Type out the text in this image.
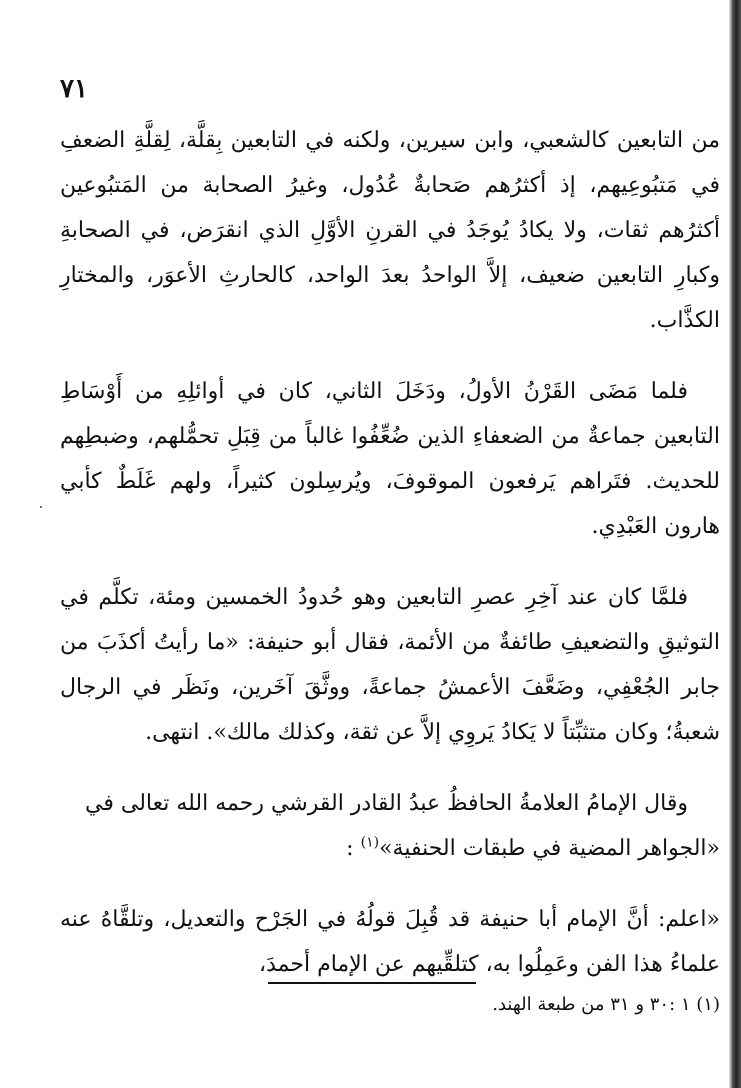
٧١

من التابعين كالشعبي، وابن سيرين، ولكنه في التابعين بِقلَّة، لِقلَّةِ الضعفِ في مَتبُوعِيهم، إذ أكثرُهم صَحابةٌ عُدُول، وغيرُ الصحابة من المَتبُوعين أكثرُهم ثقات، ولا يكادُ يُوجَدُ في القرنِ الأوَّلِ الذي انقرَض، في الصحابةِ وكبارِ التابعين ضعيف، إلاَّ الواحدُ بعدَ الواحد، كالحارثِ الأعوَر، والمختارِ الكذَّاب.

فلما مَضَى القَرْنُ الأولُ، ودَخَلَ الثاني، كان في أوائلِهِ من أَوْسَاطِ التابعين جماعةٌ من الضعفاءِ الذين ضُعِّفُوا غالباً من قِبَلِ تحمُّلهم، وضبطِهم للحديث. فتَراهم يَرفعون الموقوفَ، ويُرسِلون كثيراً، ولهم غَلَطٌ كأبي هارون العَبْدِي.

فلمَّا كان عند آخِرِ عصرِ التابعين وهو حُدودُ الخمسين ومئة، تكلَّم في التوثيقِ والتضعيفِ طائفةٌ من الأئمة، فقال أبو حنيفة: «ما رأيتُ أكذَبَ من جابر الجُعْفِي، وضَعَّفَ الأعمشُ جماعةً، ووثَّقَ آخَرين، ونَظَر في الرجال شعبةُ؛ وكان متثبِّتاً لا يَكادُ يَروِي إلاَّ عن ثقة، وكذلك مالك». انتهى.

وقال الإمامُ العلامةُ الحافظُ عبدُ القادر القرشي رحمه الله تعالى في

«الجواهر المضية في طبقات الحنفية»$^{(١)}$ :

«اعلم: أنَّ الإمام أبا حنيفة قد قُبِلَ قولُهُ في الجَرْح والتعديل، وتلقَّاهُ عنه علماءُ هذا الفن وعَمِلُوا به، كتلقِّيهم عن الإمام أحمدَ،

(١) ١ :٣٠ و ٣١ من طبعة الهند.
